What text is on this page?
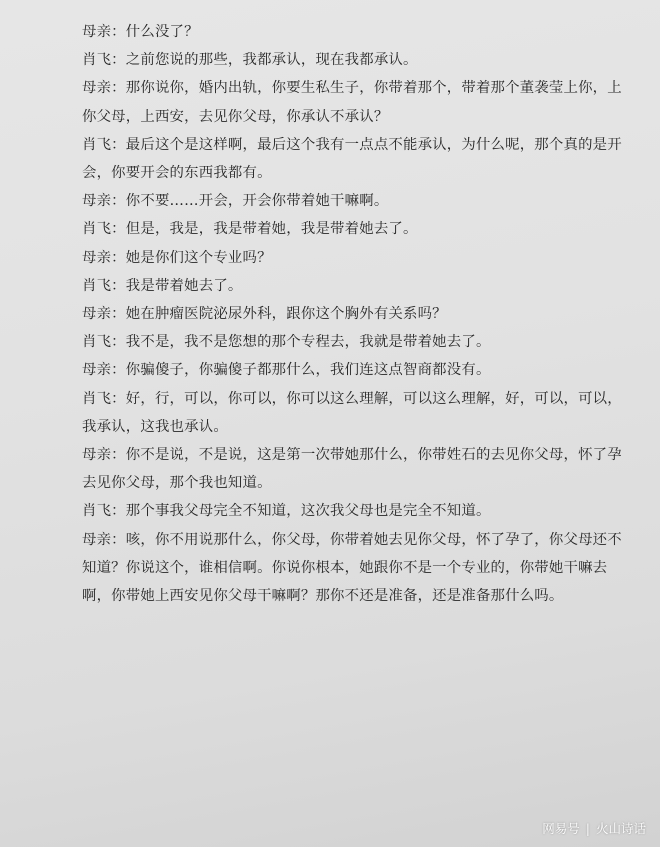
母亲：什么没了？
肖飞：之前您说的那些，我都承认，现在我都承认。
母亲：那你说你，婚内出轨，你要生私生子，你带着那个，带着那个董袭莹上你，上你父母，上西安，去见你父母，你承认不承认？
肖飞：最后这个是这样啊，最后这个我有一点点不能承认，为什么呢，那个真的是开会，你要开会的东西我都有。
母亲：你不要……开会，开会你带着她干嘛啊。
肖飞：但是，我是，我是带着她，我是带着她去了。
母亲：她是你们这个专业吗？
肖飞：我是带着她去了。
母亲：她在肿瘤医院泌尿外科，跟你这个胸外有关系吗？
肖飞：我不是，我不是您想的那个专程去，我就是带着她去了。
母亲：你骗傻子，你骗傻子都那什么，我们连这点智商都没有。
肖飞：好，行，可以，你可以，你可以这么理解，可以这么理解，好，可以，可以，我承认，这我也承认。
母亲：你不是说，不是说，这是第一次带她那什么，你带姓石的去见你父母，怀了孕去见你父母，那个我也知道。
肖飞：那个事我父母完全不知道，这次我父母也是完全不知道。
母亲：咳，你不用说那什么，你父母，你带着她去见你父母，怀了孕了，你父母还不知道？你说这个，谁相信啊。你说你根本，她跟你不是一个专业的，你带她干嘛去啊，你带她上西安见你父母干嘛啊？那你不还是准备，还是准备那什么吗。
网易号 | 火山诗话
